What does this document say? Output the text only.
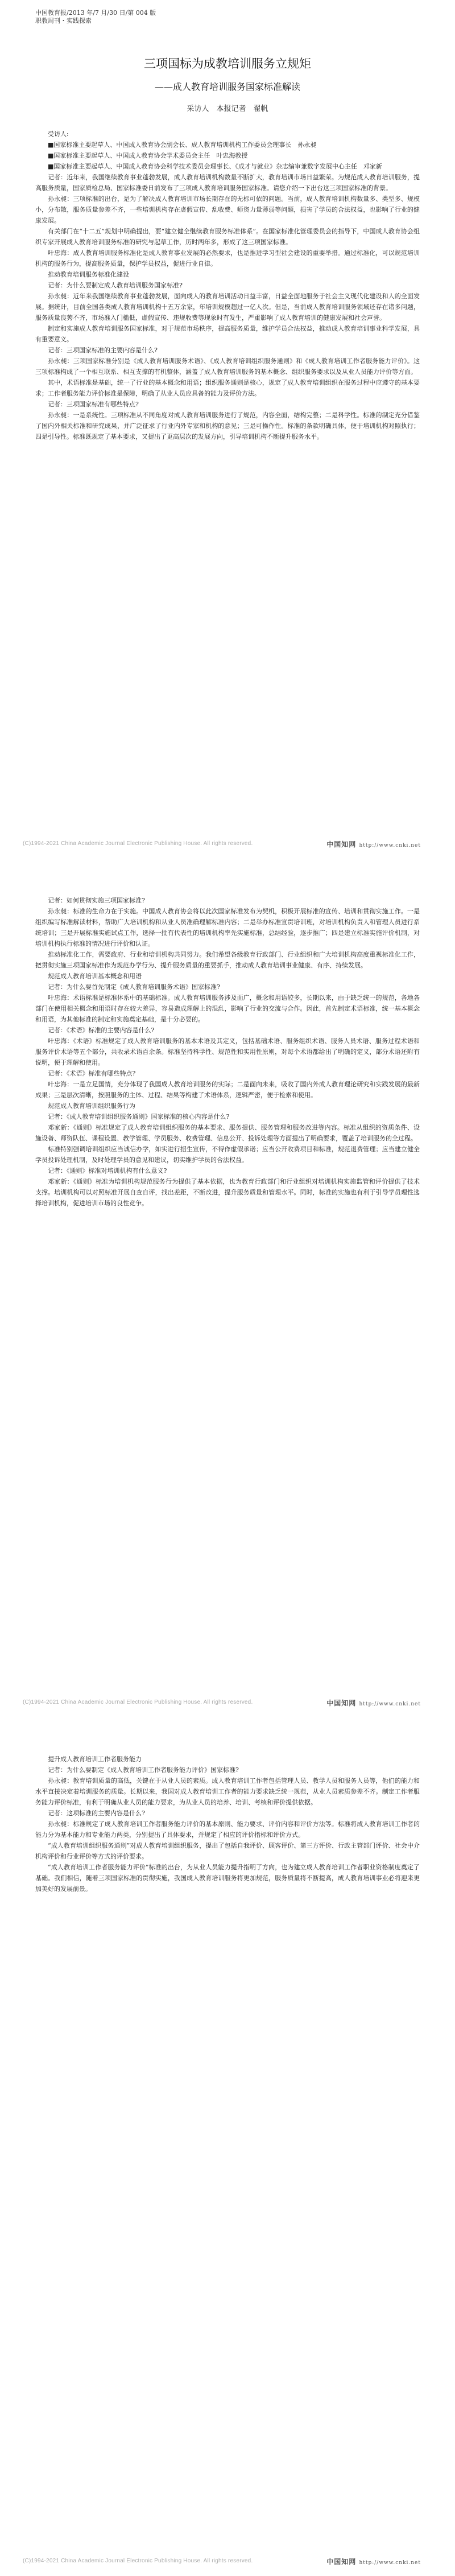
中国教育报/2013 年/7 月/30 日/第 004 版
职教周刊・实践探索
三项国标为成教培训服务立规矩
——成人教育培训服务国家标准解读
采访人　本报记者　翟帆

受访人:

■国家标准主要起草人、中国成人教育协会副会长、成人教育培训机构工作委员会理事长　孙永昶

■国家标准主要起草人、中国成人教育协会学术委员会主任　叶忠海教授

■国家标准主要起草人、中国成人教育协会科学技术委员会理事长、《成才与就业》杂志编审兼数字发展中心主任　邓家新

记者：近年来，我国继续教育事业蓬勃发展，成人教育培训机构数量不断扩大，教育培训市场日益繁荣。为规范成人教育培训服务，提高服务质量，国家质检总局、国家标准委日前发布了三项成人教育培训服务国家标准。请您介绍一下出台这三项国家标准的背景。

孙永昶：三项标准的出台，是为了解决成人教育培训市场长期存在的无标可依的问题。当前，成人教育培训机构数量多、类型多、规模小，分布散，服务质量参差不齐，一些培训机构存在虚假宣传、乱收费、师资力量薄弱等问题，损害了学员的合法权益，也影响了行业的健康发展。

有关部门在“十二五”规划中明确提出，要“建立健全继续教育服务标准体系”。在国家标准化管理委员会的指导下，中国成人教育协会组织专家开展成人教育培训服务标准的研究与起草工作，历时两年多，形成了这三项国家标准。

叶忠海：成人教育培训服务标准化是成人教育事业发展的必然要求，也是推进学习型社会建设的重要举措。通过标准化，可以规范培训机构的服务行为，提高服务质量，保护学员权益，促进行业自律。

推动教育培训服务标准化建设

记者：为什么要制定成人教育培训服务国家标准?

孙永昶：近年来我国继续教育事业蓬勃发展，面向成人的教育培训活动日益丰富，日益全面地服务于社会主义现代化建设和人的全面发展。据统计，目前全国各类成人教育培训机构十五万余家，年培训规模超过一亿人次。但是，当前成人教育培训服务领域还存在诸多问题，服务质量良莠不齐，市场准入门槛低，虚假宣传、违规收费等现象时有发生，严重影响了成人教育培训的健康发展和社会声誉。

制定和实施成人教育培训服务国家标准，对于规范市场秩序，提高服务质量，维护学员合法权益，推动成人教育培训事业科学发展，具有重要意义。

记者：三项国家标准的主要内容是什么?

孙永昶：三项国家标准分别是《成人教育培训服务术语》、《成人教育培训组织服务通则》和《成人教育培训工作者服务能力评价》。这三项标准构成了一个相互联系、相互支撑的有机整体，涵盖了成人教育培训服务的基本概念、组织服务要求以及从业人员能力评价等方面。

其中，术语标准是基础，统一了行业的基本概念和用语；组织服务通则是核心，规定了成人教育培训组织在服务过程中应遵守的基本要求；工作者服务能力评价标准是保障，明确了从业人员应具备的能力及评价方法。

记者：三项国家标准有哪些特点?

孙永昶：一是系统性。三项标准从不同角度对成人教育培训服务进行了规范，内容全面，结构完整；二是科学性。标准的制定充分借鉴了国内外相关标准和研究成果，并广泛征求了行业内外专家和机构的意见；三是可操作性。标准的条款明确具体，便于培训机构对照执行；四是引导性。标准既规定了基本要求，又提出了更高层次的发展方向，引导培训机构不断提升服务水平。

(C)1994-2021 China Academic Journal Electronic Publishing House. All rights reserved.	中国知网 http://www.cnki.net

记者：如何贯彻实施三项国家标准?

孙永昶：标准的生命力在于实施。中国成人教育协会将以此次国家标准发布为契机，积极开展标准的宣传、培训和贯彻实施工作。一是组织编写标准解读材料，帮助广大培训机构和从业人员准确理解标准内容；二是举办标准宣贯培训班，对培训机构负责人和管理人员进行系统培训；三是开展标准实施试点工作，选择一批有代表性的培训机构率先实施标准，总结经验，逐步推广；四是建立标准实施评价机制，对培训机构执行标准的情况进行评价和认证。

推动标准化工作，需要政府、行业和培训机构共同努力。我们希望各级教育行政部门、行业组织和广大培训机构高度重视标准化工作，把贯彻实施三项国家标准作为规范办学行为、提升服务质量的重要抓手，推动成人教育培训事业健康、有序、持续发展。

规范成人教育培训基本概念和用语

记者：为什么要首先制定《成人教育培训服务术语》国家标准?

叶忠海：术语标准是标准体系中的基础标准。成人教育培训服务涉及面广，概念和用语较多，长期以来，由于缺乏统一的规范，各地各部门在使用相关概念和用语时存在较大差异，容易造成理解上的混乱，影响了行业的交流与合作。因此，首先制定术语标准，统一基本概念和用语，为其他标准的制定和实施奠定基础，是十分必要的。

记者：《术语》标准的主要内容是什么?

叶忠海：《术语》标准规定了成人教育培训服务的基本术语及其定义，包括基础术语、服务组织术语、服务人员术语、服务过程术语和服务评价术语等五个部分，共收录术语百余条。标准坚持科学性、规范性和实用性原则，对每个术语都给出了明确的定义，部分术语还附有说明，便于理解和使用。

记者：《术语》标准有哪些特点?

叶忠海：一是立足国情，充分体现了我国成人教育培训服务的实际；二是面向未来，吸收了国内外成人教育理论研究和实践发展的最新成果；三是层次清晰，按照服务的主体、过程、结果等构建了术语体系，逻辑严密，便于检索和使用。

规范成人教育培训组织服务行为

记者：《成人教育培训组织服务通则》国家标准的核心内容是什么?

邓家新：《通则》标准规定了成人教育培训组织服务的基本要求、服务提供、服务管理和服务改进等内容。标准从组织的资质条件、设施设备、师资队伍、课程设置、教学管理、学员服务、收费管理、信息公开、投诉处理等方面提出了明确要求，覆盖了培训服务的全过程。

标准特别强调培训组织应当诚信办学，如实进行招生宣传，不得作虚假承诺；应当公开收费项目和标准，规范退费管理；应当建立健全学员投诉处理机制，及时处理学员的意见和建议，切实维护学员的合法权益。

记者：《通则》标准对培训机构有什么意义?

邓家新：《通则》标准为培训机构规范服务行为提供了基本依据，也为教育行政部门和行业组织对培训机构实施监管和评价提供了技术支撑。培训机构可以对照标准开展自查自评，找出差距，不断改进，提升服务质量和管理水平。同时，标准的实施也有利于引导学员理性选择培训机构，促进培训市场的良性竞争。

(C)1994-2021 China Academic Journal Electronic Publishing House. All rights reserved.	中国知网 http://www.cnki.net

提升成人教育培训工作者服务能力

记者：为什么要制定《成人教育培训工作者服务能力评价》国家标准?

孙永昶：教育培训质量的高低，关键在于从业人员的素质。成人教育培训工作者包括管理人员、教学人员和服务人员等，他们的能力和水平直接决定着培训服务的质量。长期以来，我国对成人教育培训工作者的能力要求缺乏统一规范，从业人员素质参差不齐。制定工作者服务能力评价标准，有利于明确从业人员的能力要求，为从业人员的培养、培训、考核和评价提供依据。

记者：这项标准的主要内容是什么?

孙永昶：标准规定了成人教育培训工作者服务能力评价的基本原则、能力要求、评价内容和评价方法等。标准将成人教育培训工作者的能力分为基本能力和专业能力两类，分别提出了具体要求，并规定了相应的评价指标和评价方式。

“成人教育培训组织服务通则”对成人教育培训组织服务，提出了包括自我评价、顾客评价、第三方评价、行政主管部门评价、社会中介机构评价和行业评价等方式的评价要求。

“成人教育培训工作者服务能力评价”标准的出台，为从业人员能力提升指明了方向，也为建立成人教育培训工作者职业资格制度奠定了基础。我们相信，随着三项国家标准的贯彻实施，我国成人教育培训服务将更加规范，服务质量将不断提高，成人教育培训事业必将迎来更加美好的发展前景。

(C)1994-2021 China Academic Journal Electronic Publishing House. All rights reserved.	中国知网 http://www.cnki.net
